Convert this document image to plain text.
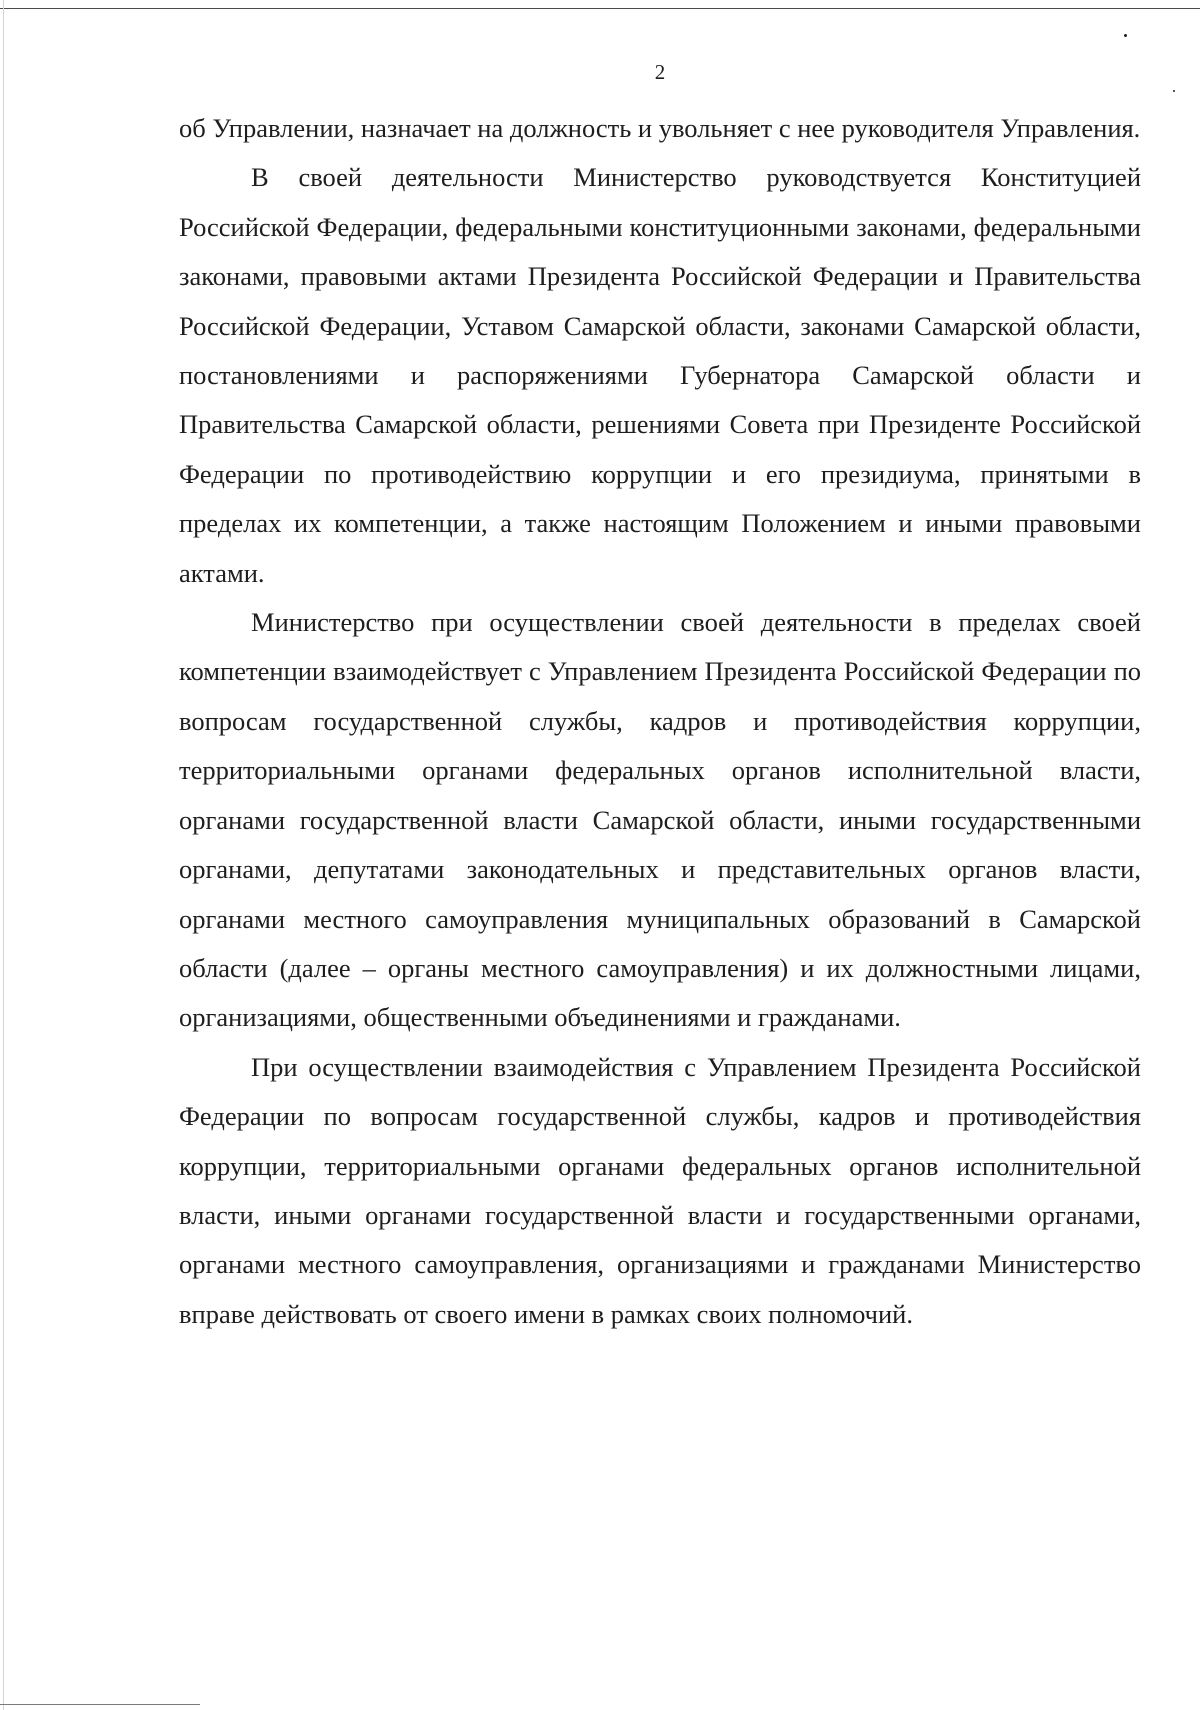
2

об Управлении, назначает на должность и увольняет с нее руководителя Управления.

В своей деятельности Министерство руководствуется Конституцией Российской Федерации, федеральными конституционными законами, федеральными законами, правовыми актами Президента Российской Федерации и Правительства Российской Федерации, Уставом Самарской области, законами Самарской области, постановлениями и распоряжениями Губернатора Самарской области и Правительства Самарской области, решениями Совета при Президенте Российской Федерации по противодействию коррупции и его президиума, принятыми в пределах их компетенции, а также настоящим Положением и иными правовыми актами.

Министерство при осуществлении своей деятельности в пределах своей компетенции взаимодействует с Управлением Президента Российской Федерации по вопросам государственной службы, кадров и противодействия коррупции, территориальными органами федеральных органов исполнительной власти, органами государственной власти Самарской области, иными государственными органами, депутатами законодательных и представительных органов власти, органами местного самоуправления муниципальных образований в Самарской области (далее – органы местного самоуправления) и их должностными лицами, организациями, общественными объединениями и гражданами.

При осуществлении взаимодействия с Управлением Президента Российской Федерации по вопросам государственной службы, кадров и противодействия коррупции, территориальными органами федеральных органов исполнительной власти, иными органами государственной власти и государственными органами, органами местного самоуправления, организациями и гражданами Министерство вправе действовать от своего имени в рамках своих полномочий.
